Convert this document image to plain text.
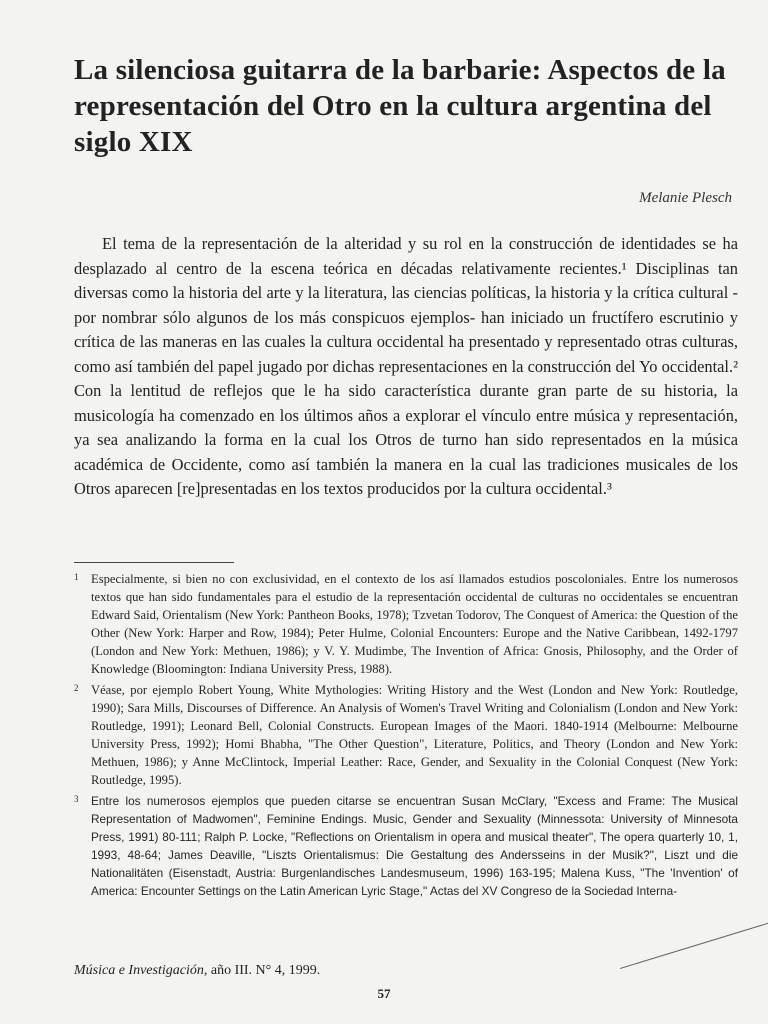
La silenciosa guitarra de la barbarie: Aspectos de la representación del Otro en la cultura argentina del siglo XIX
Melanie Plesch

El tema de la representación de la alteridad y su rol en la construcción de identidades se ha desplazado al centro de la escena teórica en décadas relativamente recientes.¹ Disciplinas tan diversas como la historia del arte y la literatura, las ciencias políticas, la historia y la crítica cultural -por nombrar sólo algunos de los más conspicuos ejemplos- han iniciado un fructífero escrutinio y crítica de las maneras en las cuales la cultura occidental ha presentado y representado otras culturas, como así también del papel jugado por dichas representaciones en la construcción del Yo occidental.² Con la lentitud de reflejos que le ha sido característica durante gran parte de su historia, la musicología ha comenzado en los últimos años a explorar el vínculo entre música y representación, ya sea analizando la forma en la cual los Otros de turno han sido representados en la música académica de Occidente, como así también la manera en la cual las tradiciones musicales de los Otros aparecen [re]presentadas en los textos producidos por la cultura occidental.³

1 Especialmente, si bien no con exclusividad, en el contexto de los así llamados estudios poscoloniales. Entre los numerosos textos que han sido fundamentales para el estudio de la representación occidental de culturas no occidentales se encuentran Edward Said, Orientalism (New York: Pantheon Books, 1978); Tzvetan Todorov, The Conquest of America: the Question of the Other (New York: Harper and Row, 1984); Peter Hulme, Colonial Encounters: Europe and the Native Caribbean, 1492-1797 (London and New York: Methuen, 1986); y V. Y. Mudimbe, The Invention of Africa: Gnosis, Philosophy, and the Order of Knowledge (Bloomington: Indiana University Press, 1988).
2 Véase, por ejemplo Robert Young, White Mythologies: Writing History and the West (London and New York: Routledge, 1990); Sara Mills, Discourses of Difference. An Analysis of Women's Travel Writing and Colonialism (London and New York: Routledge, 1991); Leonard Bell, Colonial Constructs. European Images of the Maori. 1840-1914 (Melbourne: Melbourne University Press, 1992); Homi Bhabha, "The Other Question", Literature, Politics, and Theory (London and New York: Methuen, 1986); y Anne McClintock, Imperial Leather: Race, Gender, and Sexuality in the Colonial Conquest (New York: Routledge, 1995).
3 Entre los numerosos ejemplos que pueden citarse se encuentran Susan McClary, "Excess and Frame: The Musical Representation of Madwomen", Feminine Endings. Music, Gender and Sexuality (Minnessota: University of Minnesota Press, 1991) 80-111; Ralph P. Locke, "Reflections on Orientalism in opera and musical theater", The opera quarterly 10, 1, 1993, 48-64; James Deaville, "Liszts Orientalismus: Die Gestaltung des Andersseins in der Musik?", Liszt und die Nationalitäten (Eisenstadt, Austria: Burgenlandisches Landesmuseum, 1996) 163-195; Malena Kuss, "The 'Invention' of America: Encounter Settings on the Latin American Lyric Stage," Actas del XV Congreso de la Sociedad Interna-
Música e Investigación, año III. N° 4, 1999.
57
